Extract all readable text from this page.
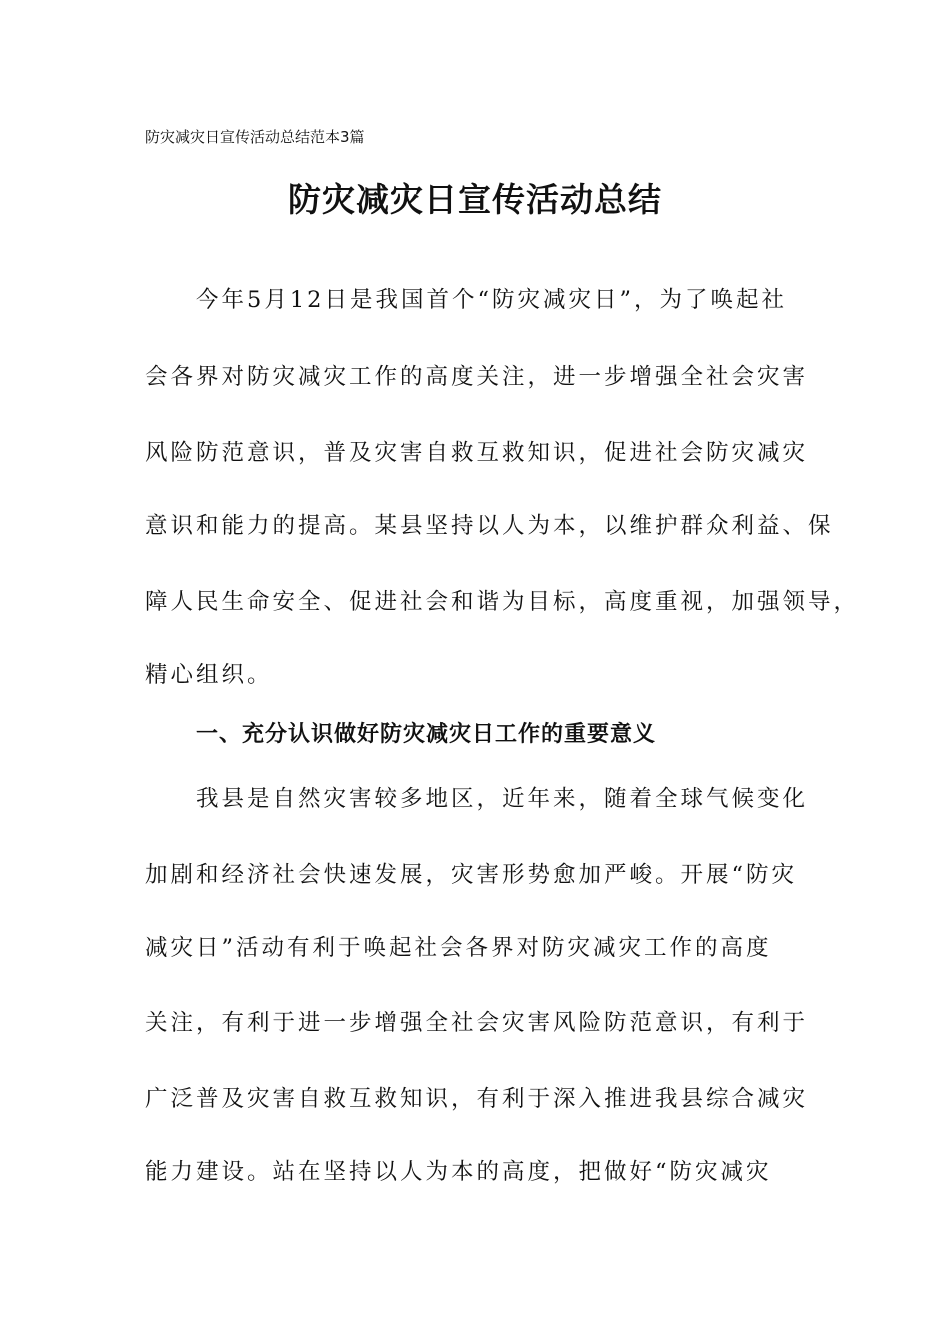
防灾减灾日宣传活动总结范本3篇
防灾减灾日宣传活动总结
今年5月12日是我国首个“防灾减灾日”，为了唤起社
会各界对防灾减灾工作的高度关注，进一步增强全社会灾害
风险防范意识，普及灾害自救互救知识，促进社会防灾减灾
意识和能力的提高。某县坚持以人为本，以维护群众利益、保
障人民生命安全、促进社会和谐为目标，高度重视，加强领导，
精心组织。
一、充分认识做好防灾减灾日工作的重要意义
我县是自然灾害较多地区，近年来，随着全球气候变化
加剧和经济社会快速发展，灾害形势愈加严峻。开展“防灾
减灾日”活动有利于唤起社会各界对防灾减灾工作的高度
关注，有利于进一步增强全社会灾害风险防范意识，有利于
广泛普及灾害自救互救知识，有利于深入推进我县综合减灾
能力建设。站在坚持以人为本的高度，把做好“防灾减灾
